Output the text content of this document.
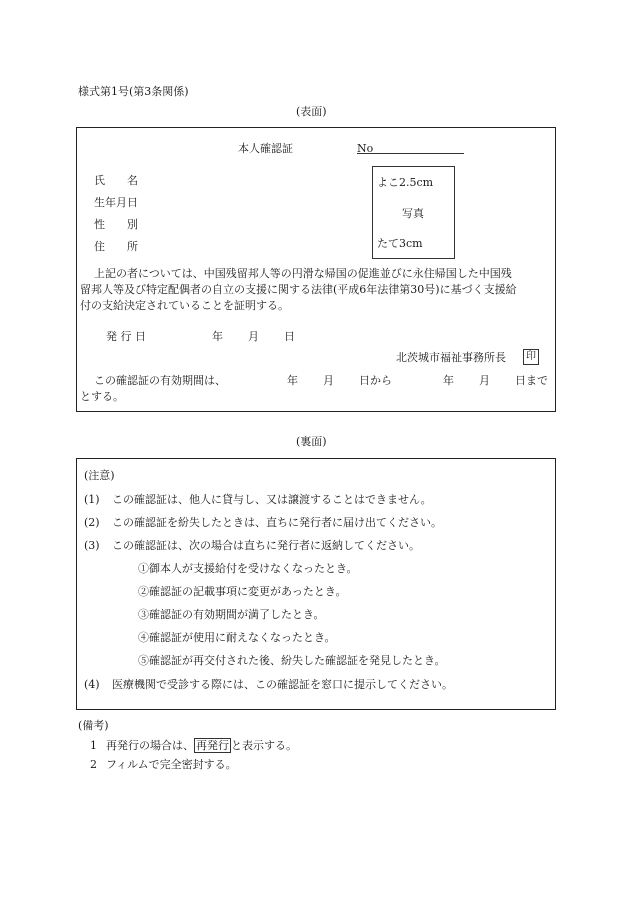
様式第1号(第3条関係)
(表面)
本人確認証	No
氏　　名
生年月日
性　　別
住　　所
よこ2.5cm
写真
たて3cm
上記の者については、中国残留邦人等の円滑な帰国の促進並びに永住帰国した中国残
留邦人等及び特定配偶者の自立の支援に関する法律(平成6年法律第30号)に基づく支援給
付の支給決定されていることを証明する。
発 行 日	年 月 日
北茨城市福祉事務所長	印
この確認証の有効期間は、	年 月 日から	年 月 日まで
とする。
(裏面)
(注意)
(1) この確認証は、他人に貸与し、又は譲渡することはできません。
(2) この確認証を紛失したときは、直ちに発行者に届け出てください。
(3) この確認証は、次の場合は直ちに発行者に返納してください。
①御本人が支援給付を受けなくなったとき。
②確認証の記載事項に変更があったとき。
③確認証の有効期間が満了したとき。
④確認証が使用に耐えなくなったとき。
⑤確認証が再交付された後、紛失した確認証を発見したとき。
(4) 医療機関で受診する際には、この確認証を窓口に提示してください。
(備考)
1 再発行の場合は、 再発行 と表示する。
2 フィルムで完全密封する。
